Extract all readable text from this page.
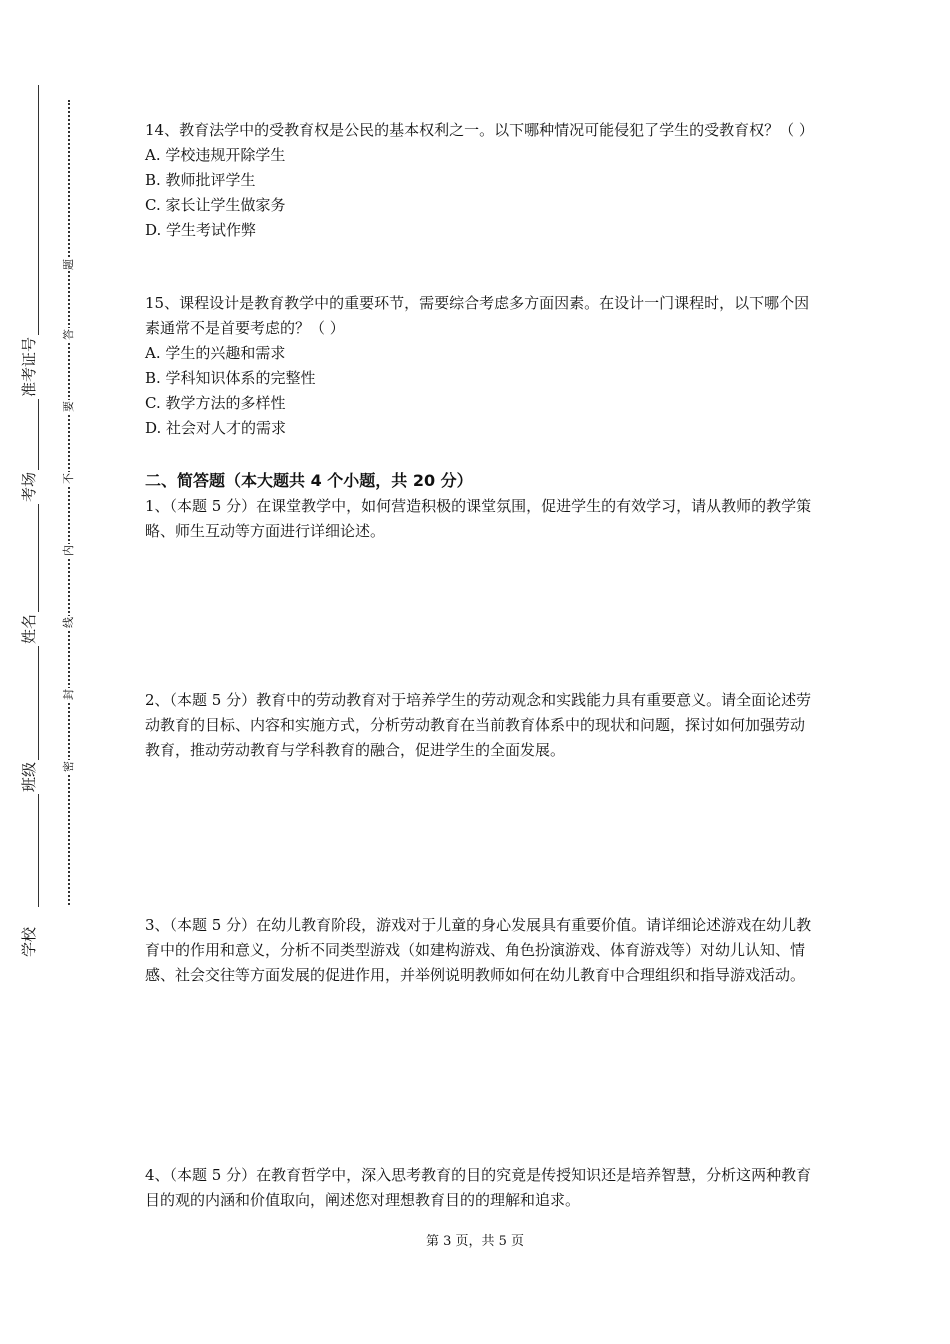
准考证号
考场
姓名
班级
学校
题
答
要
不
内
线
封
密

14、教育法学中的受教育权是公民的基本权利之一。以下哪种情况可能侵犯了学生的受教育权？（ ）

A. 学校违规开除学生

B. 教师批评学生

C. 家长让学生做家务

D. 学生考试作弊

15、课程设计是教育教学中的重要环节，需要综合考虑多方面因素。在设计一门课程时，以下哪个因素通常不是首要考虑的？（ ）

A. 学生的兴趣和需求

B. 学科知识体系的完整性

C. 教学方法的多样性

D. 社会对人才的需求

二、简答题（本大题共 4 个小题，共 20 分）

1、（本题 5 分）在课堂教学中，如何营造积极的课堂氛围，促进学生的有效学习，请从教师的教学策略、师生互动等方面进行详细论述。

2、（本题 5 分）教育中的劳动教育对于培养学生的劳动观念和实践能力具有重要意义。请全面论述劳动教育的目标、内容和实施方式，分析劳动教育在当前教育体系中的现状和问题，探讨如何加强劳动教育，推动劳动教育与学科教育的融合，促进学生的全面发展。

3、（本题 5 分）在幼儿教育阶段，游戏对于儿童的身心发展具有重要价值。请详细论述游戏在幼儿教育中的作用和意义，分析不同类型游戏（如建构游戏、角色扮演游戏、体育游戏等）对幼儿认知、情感、社会交往等方面发展的促进作用，并举例说明教师如何在幼儿教育中合理组织和指导游戏活动。

4、（本题 5 分）在教育哲学中，深入思考教育的目的究竟是传授知识还是培养智慧，分析这两种教育目的观的内涵和价值取向，阐述您对理想教育目的的理解和追求。

第 3 页，共 5 页
